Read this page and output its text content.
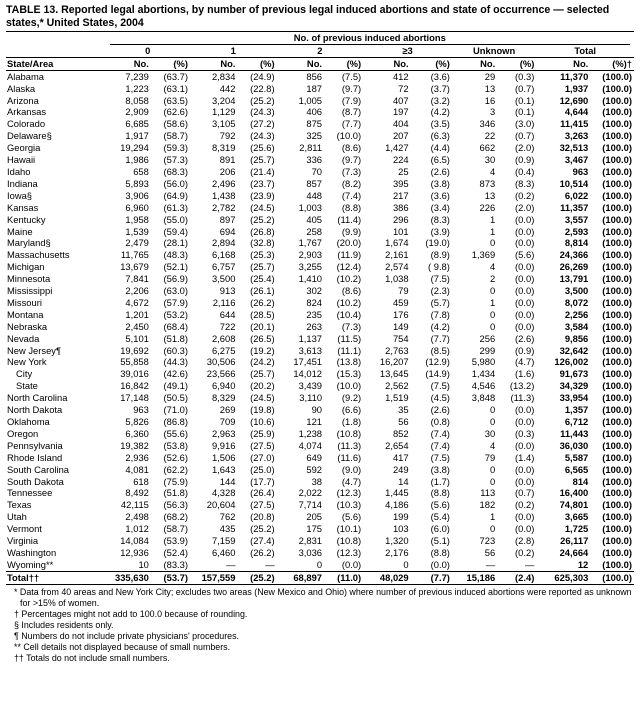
TABLE 13. Reported legal abortions, by number of previous legal induced abortions and state of occurrence — selected states,* United States, 2004

	No. of previous induced abortions											

	0		1		2		≥3		Unknown		Total	
State/Area	No.	(%)	No.	(%)	No.	(%)	No.	(%)	No.	(%)	No.	(%)†
Alabama	7,239	(63.7)	2,834	(24.9)	856	(7.5)	412	(3.6)	29	(0.3)	11,370	(100.0)
Alaska	1,223	(63.1)	442	(22.8)	187	(9.7)	72	(3.7)	13	(0.7)	1,937	(100.0)
Arizona	8,058	(63.5)	3,204	(25.2)	1,005	(7.9)	407	(3.2)	16	(0.1)	12,690	(100.0)
Arkansas	2,909	(62.6)	1,129	(24.3)	406	(8.7)	197	(4.2)	3	(0.1)	4,644	(100.0)
Colorado	6,685	(58.6)	3,105	(27.2)	875	(7.7)	404	(3.5)	346	(3.0)	11,415	(100.0)
Delaware§	1,917	(58.7)	792	(24.3)	325	(10.0)	207	(6.3)	22	(0.7)	3,263	(100.0)
Georgia	19,294	(59.3)	8,319	(25.6)	2,811	(8.6)	1,427	(4.4)	662	(2.0)	32,513	(100.0)
Hawaii	1,986	(57.3)	891	(25.7)	336	(9.7)	224	(6.5)	30	(0.9)	3,467	(100.0)
Idaho	658	(68.3)	206	(21.4)	70	(7.3)	25	(2.6)	4	(0.4)	963	(100.0)
Indiana	5,893	(56.0)	2,496	(23.7)	857	(8.2)	395	(3.8)	873	(8.3)	10,514	(100.0)
Iowa§	3,906	(64.9)	1,438	(23.9)	448	(7.4)	217	(3.6)	13	(0.2)	6,022	(100.0)
Kansas	6,960	(61.3)	2,782	(24.5)	1,003	(8.8)	386	(3.4)	226	(2.0)	11,357	(100.0)
Kentucky	1,958	(55.0)	897	(25.2)	405	(11.4)	296	(8.3)	1	(0.0)	3,557	(100.0)
Maine	1,539	(59.4)	694	(26.8)	258	(9.9)	101	(3.9)	1	(0.0)	2,593	(100.0)
Maryland§	2,479	(28.1)	2,894	(32.8)	1,767	(20.0)	1,674	(19.0)	0	(0.0)	8,814	(100.0)
Massachusetts	11,765	(48.3)	6,168	(25.3)	2,903	(11.9)	2,161	(8.9)	1,369	(5.6)	24,366	(100.0)
Michigan	13,679	(52.1)	6,757	(25.7)	3,255	(12.4)	2,574	( 9.8)	4	(0.0)	26,269	(100.0)
Minnesota	7,841	(56.9)	3,500	(25.4)	1,410	(10.2)	1,038	(7.5)	2	(0.0)	13,791	(100.0)
Mississippi	2,206	(63.0)	913	(26.1)	302	(8.6)	79	(2.3)	0	(0.0)	3,500	(100.0)
Missouri	4,672	(57.9)	2,116	(26.2)	824	(10.2)	459	(5.7)	1	(0.0)	8,072	(100.0)
Montana	1,201	(53.2)	644	(28.5)	235	(10.4)	176	(7.8)	0	(0.0)	2,256	(100.0)
Nebraska	2,450	(68.4)	722	(20.1)	263	(7.3)	149	(4.2)	0	(0.0)	3,584	(100.0)
Nevada	5,101	(51.8)	2,608	(26.5)	1,137	(11.5)	754	(7.7)	256	(2.6)	9,856	(100.0)
New Jersey¶	19,692	(60.3)	6,275	(19.2)	3,613	(11.1)	2,763	(8.5)	299	(0.9)	32,642	(100.0)
New York	55,858	(44.3)	30,506	(24.2)	17,451	(13.8)	16,207	(12.9)	5,980	(4.7)	126,002	(100.0)
City	39,016	(42.6)	23,566	(25.7)	14,012	(15.3)	13,645	(14.9)	1,434	(1.6)	91,673	(100.0)
State	16,842	(49.1)	6,940	(20.2)	3,439	(10.0)	2,562	(7.5)	4,546	(13.2)	34,329	(100.0)
North Carolina	17,148	(50.5)	8,329	(24.5)	3,110	(9.2)	1,519	(4.5)	3,848	(11.3)	33,954	(100.0)
North Dakota	963	(71.0)	269	(19.8)	90	(6.6)	35	(2.6)	0	(0.0)	1,357	(100.0)
Oklahoma	5,826	(86.8)	709	(10.6)	121	(1.8)	56	(0.8)	0	(0.0)	6,712	(100.0)
Oregon	6,360	(55.6)	2,963	(25.9)	1,238	(10.8)	852	(7.4)	30	(0.3)	11,443	(100.0)
Pennsylvania	19,382	(53.8)	9,916	(27.5)	4,074	(11.3)	2,654	(7.4)	4	(0.0)	36,030	(100.0)
Rhode Island	2,936	(52.6)	1,506	(27.0)	649	(11.6)	417	(7.5)	79	(1.4)	5,587	(100.0)
South Carolina	4,081	(62.2)	1,643	(25.0)	592	(9.0)	249	(3.8)	0	(0.0)	6,565	(100.0)
South Dakota	618	(75.9)	144	(17.7)	38	(4.7)	14	(1.7)	0	(0.0)	814	(100.0)
Tennessee	8,492	(51.8)	4,328	(26.4)	2,022	(12.3)	1,445	(8.8)	113	(0.7)	16,400	(100.0)
Texas	42,115	(56.3)	20,604	(27.5)	7,714	(10.3)	4,186	(5.6)	182	(0.2)	74,801	(100.0)
Utah	2,498	(68.2)	762	(20.8)	205	(5.6)	199	(5.4)	1	(0.0)	3,665	(100.0)
Vermont	1,012	(58.7)	435	(25.2)	175	(10.1)	103	(6.0)	0	(0.0)	1,725	(100.0)
Virginia	14,084	(53.9)	7,159	(27.4)	2,831	(10.8)	1,320	(5.1)	723	(2.8)	26,117	(100.0)
Washington	12,936	(52.4)	6,460	(26.2)	3,036	(12.3)	2,176	(8.8)	56	(0.2)	24,664	(100.0)
Wyoming**	10	(83.3)	—	—	0	(0.0)	0	(0.0)	—	—	12	(100.0)
Total††	335,630	(53.7)	157,559	(25.2)	68,897	(11.0)	48,029	(7.7)	15,186	(2.4)	625,303	(100.0)

* Data from 40 areas and New York City; excludes two areas (New Mexico and Ohio) where number of previous induced abortions were reported as unknown for >15% of women.

† Percentages might not add to 100.0 because of rounding.

§ Includes residents only.

¶ Numbers do not include private physicians' procedures.

** Cell details not displayed because of small numbers.

†† Totals do not include small numbers.
